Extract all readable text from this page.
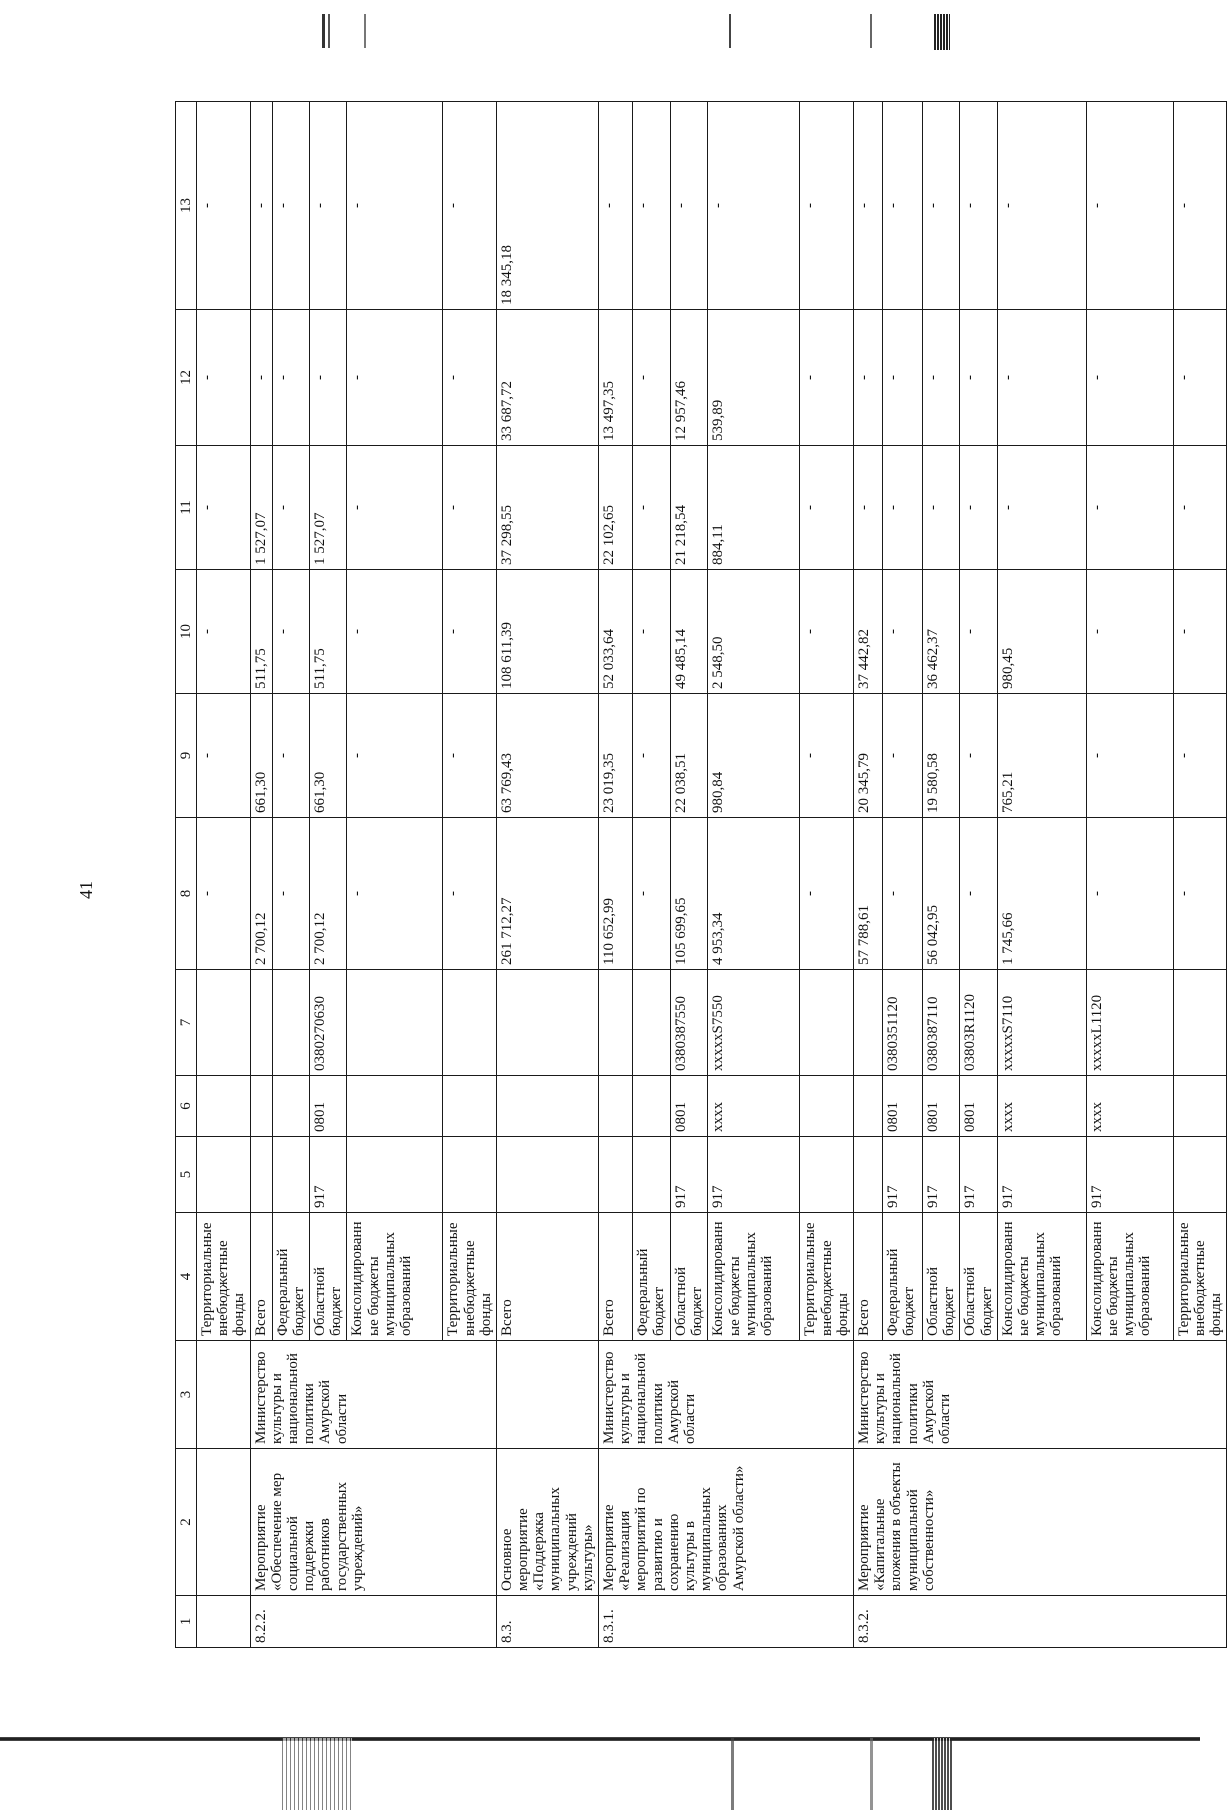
41
1	2	3	4	5	6	7	8	9	10	11	12	13
			Территориальные внебюджетные фонды				-	-	-	-	-	-
8.2.2.	Мероприятие «Обеспечение мер социальной поддержки работников государственных учреждений»	Министерство культуры и национальной политики Амурской области	Всего				2 700,12	661,30	511,75	1 527,07	-	-
			Федеральный бюджет				-	-	-	-	-	-
			Областной бюджет	917	0801	0380270630	2 700,12	661,30	511,75	1 527,07	-	-
			Консолидированные бюджеты муниципальных образований				-	-	-	-	-	-
			Территориальные внебюджетные фонды				-	-	-	-	-	-
8.3.	Основное мероприятие «Поддержка муниципальных учреждений культуры»		Всего				261 712,27	63 769,43	108 611,39	37 298,55	33 687,72	18 345,18
8.3.1.	Мероприятие «Реализация мероприятий по развитию и сохранению культуры в муниципальных образованиях Амурской области»	Министерство культуры и национальной политики Амурской области	Всего				110 652,99	23 019,35	52 033,64	22 102,65	13 497,35	-
			Федеральный бюджет				-	-	-	-	-	-
			Областной бюджет	917	0801	0380387550	105 699,65	22 038,51	49 485,14	21 218,54	12 957,46	-
			Консолидированные бюджеты муниципальных образований	917	xxxx	xxxxxS7550	4 953,34	980,84	2 548,50	884,11	539,89	-
			Территориальные внебюджетные фонды				-	-	-	-	-	-
8.3.2.	Мероприятие «Капитальные вложения в объекты муниципальной собственности»	Министерство культуры и национальной политики Амурской области	Всего				57 788,61	20 345,79	37 442,82	-	-	-
			Федеральный бюджет	917	0801	0380351120	-	-	-	-	-	-
			Областной бюджет	917	0801	0380387110	56 042,95	19 580,58	36 462,37	-	-	-
			Областной бюджет	917	0801	03803R1120	-	-	-	-	-	-
			Консолидированные бюджеты муниципальных образований	917	xxxx	xxxxxS7110	1 745,66	765,21	980,45	-	-	-
			Консолидированные бюджеты муниципальных образований	917	xxxx	xxxxxL1120	-	-	-	-	-	-
			Территориальные внебюджетные фонды				-	-	-	-	-	-
